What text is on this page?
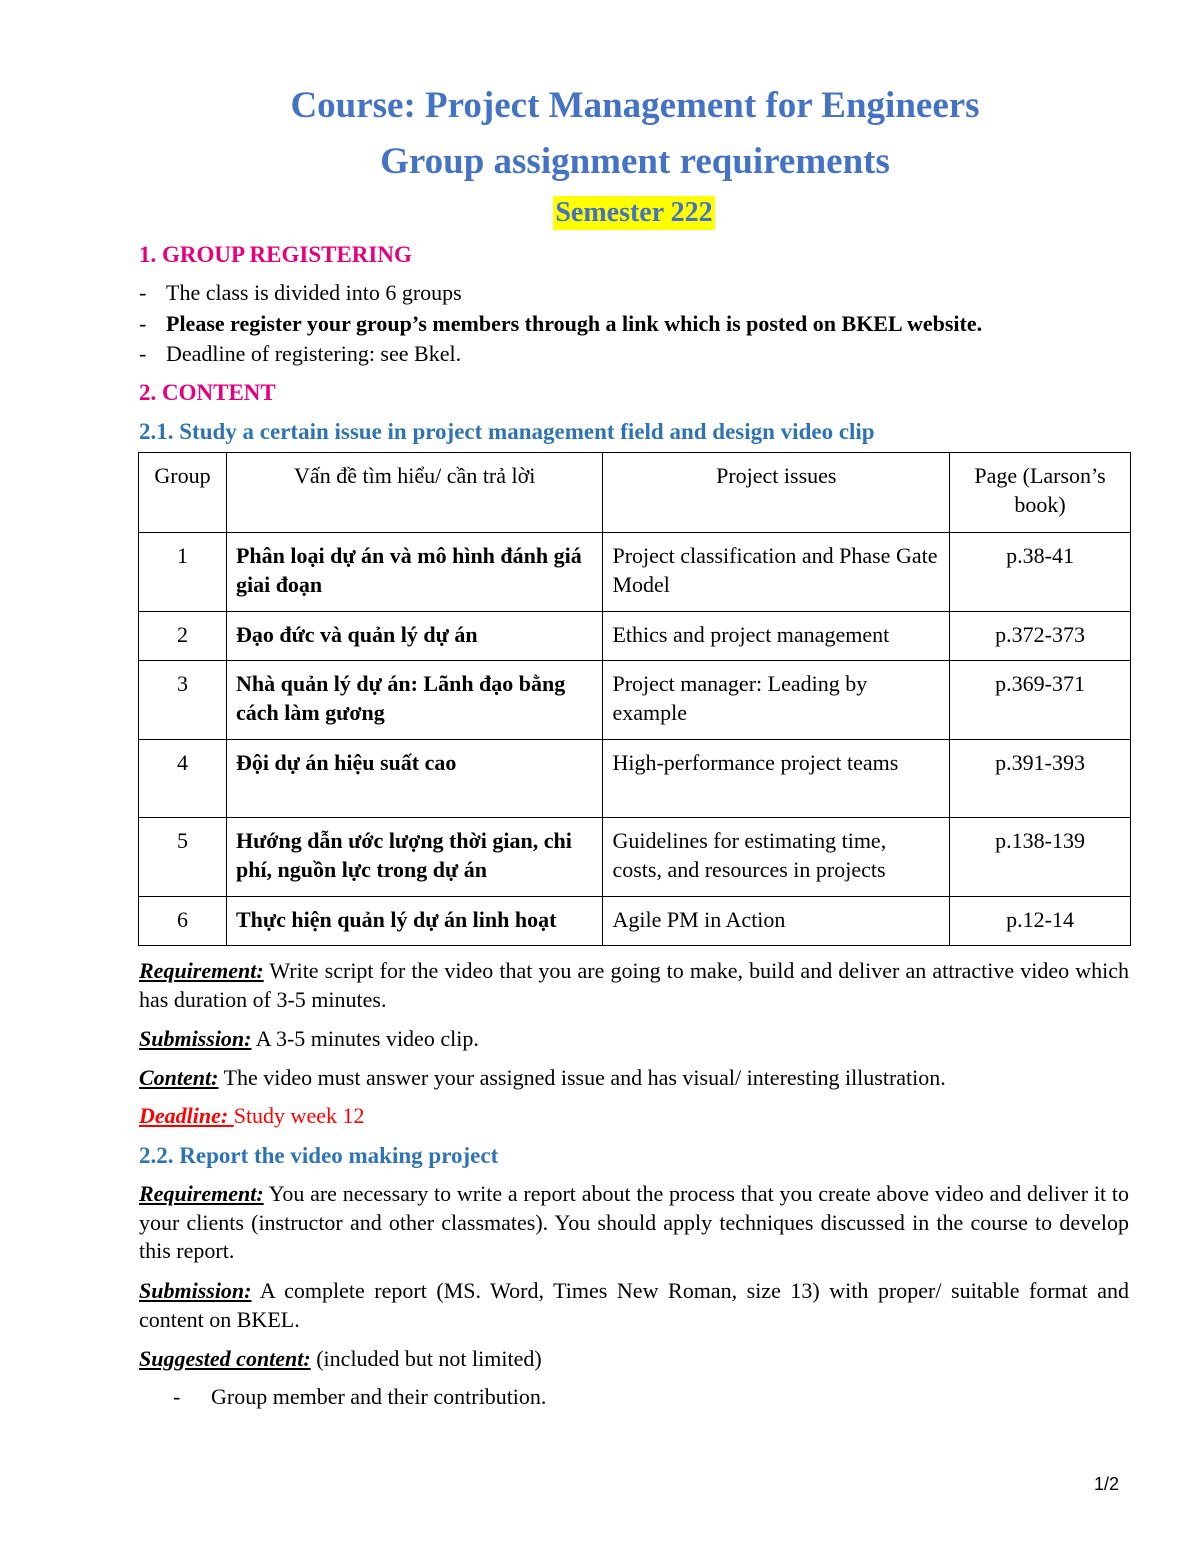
Course: Project Management for Engineers
Group assignment requirements
Semester 222
1. GROUP REGISTERING
- The class is divided into 6 groups
- Please register your group’s members through a link which is posted on BKEL website.
- Deadline of registering: see Bkel.
2. CONTENT
2.1. Study a certain issue in project management field and design video clip
Group	Vấn đề tìm hiểu/ cần trả lời	Project issues	Page (Larson’s book)
1	Phân loại dự án và mô hình đánh giá giai đoạn	Project classification and Phase Gate Model	p.38-41
2	Đạo đức và quản lý dự án	Ethics and project management	p.372-373
3	Nhà quản lý dự án: Lãnh đạo bằng cách làm gương	Project manager: Leading by example	p.369-371
4	Đội dự án hiệu suất cao	High-performance project teams	p.391-393
5	Hướng dẫn ước lượng thời gian, chi phí, nguồn lực trong dự án	Guidelines for estimating time, costs, and resources in projects	p.138-139
6	Thực hiện quản lý dự án linh hoạt	Agile PM in Action	p.12-14
Requirement: Write script for the video that you are going to make, build and deliver an attractive video which has duration of 3-5 minutes.
Submission: A 3-5 minutes video clip.
Content: The video must answer your assigned issue and has visual/ interesting illustration.
Deadline: Study week 12
2.2. Report the video making project
Requirement: You are necessary to write a report about the process that you create above video and deliver it to your clients (instructor and other classmates). You should apply techniques discussed in the course to develop this report.
Submission: A complete report (MS. Word, Times New Roman, size 13) with proper/ suitable format and content on BKEL.
Suggested content: (included but not limited)
- Group member and their contribution.
1/2
